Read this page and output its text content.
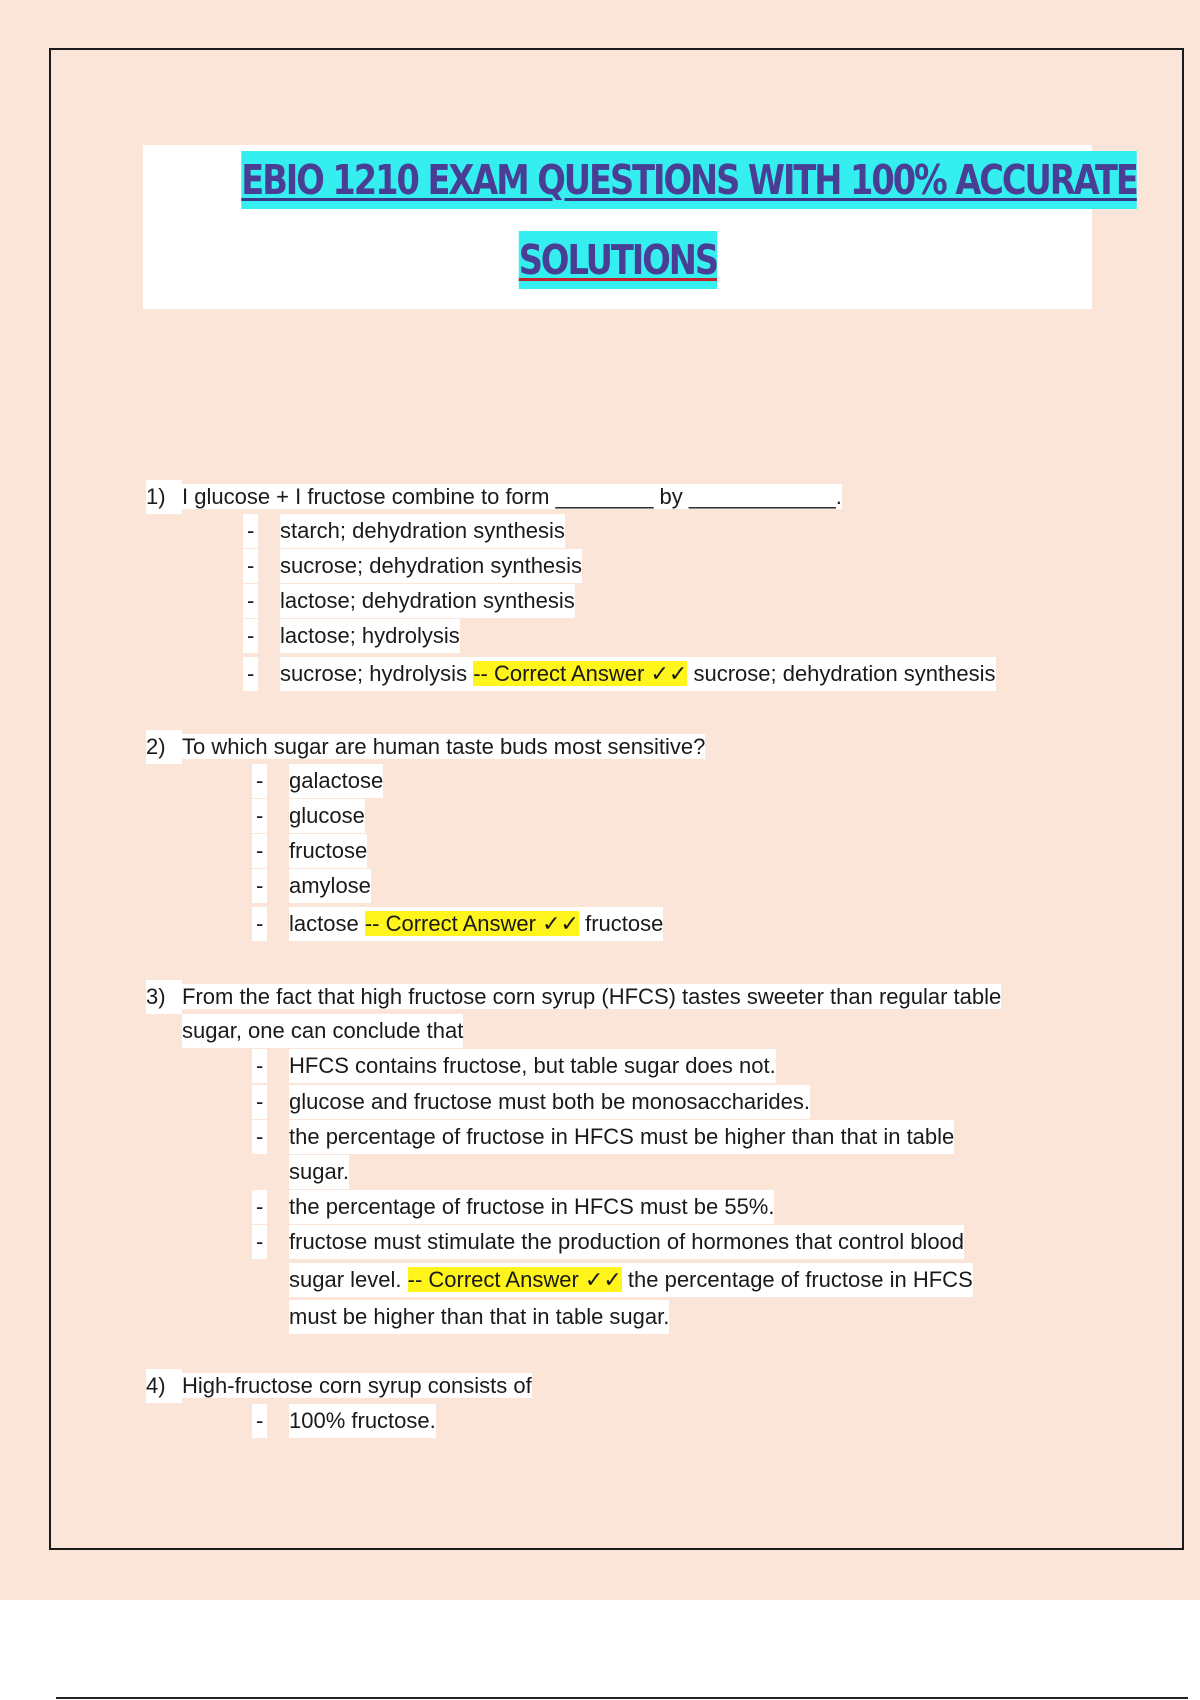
EBIO 1210 EXAM QUESTIONS WITH 100% ACCURATE
SOLUTIONS
1) I glucose + I fructose combine to form ________ by ____________.
- starch; dehydration synthesis
- sucrose; dehydration synthesis
- lactose; dehydration synthesis
- lactose; hydrolysis
- sucrose; hydrolysis -- Correct Answer ✓✓ sucrose; dehydration synthesis
2) To which sugar are human taste buds most sensitive?
- galactose
- glucose
- fructose
- amylose
- lactose -- Correct Answer ✓✓ fructose
3) From the fact that high fructose corn syrup (HFCS) tastes sweeter than regular table
sugar, one can conclude that
- HFCS contains fructose, but table sugar does not.
- glucose and fructose must both be monosaccharides.
- the percentage of fructose in HFCS must be higher than that in table
sugar.
- the percentage of fructose in HFCS must be 55%.
- fructose must stimulate the production of hormones that control blood
sugar level. -- Correct Answer ✓✓ the percentage of fructose in HFCS
must be higher than that in table sugar.
4) High-fructose corn syrup consists of
- 100% fructose.
